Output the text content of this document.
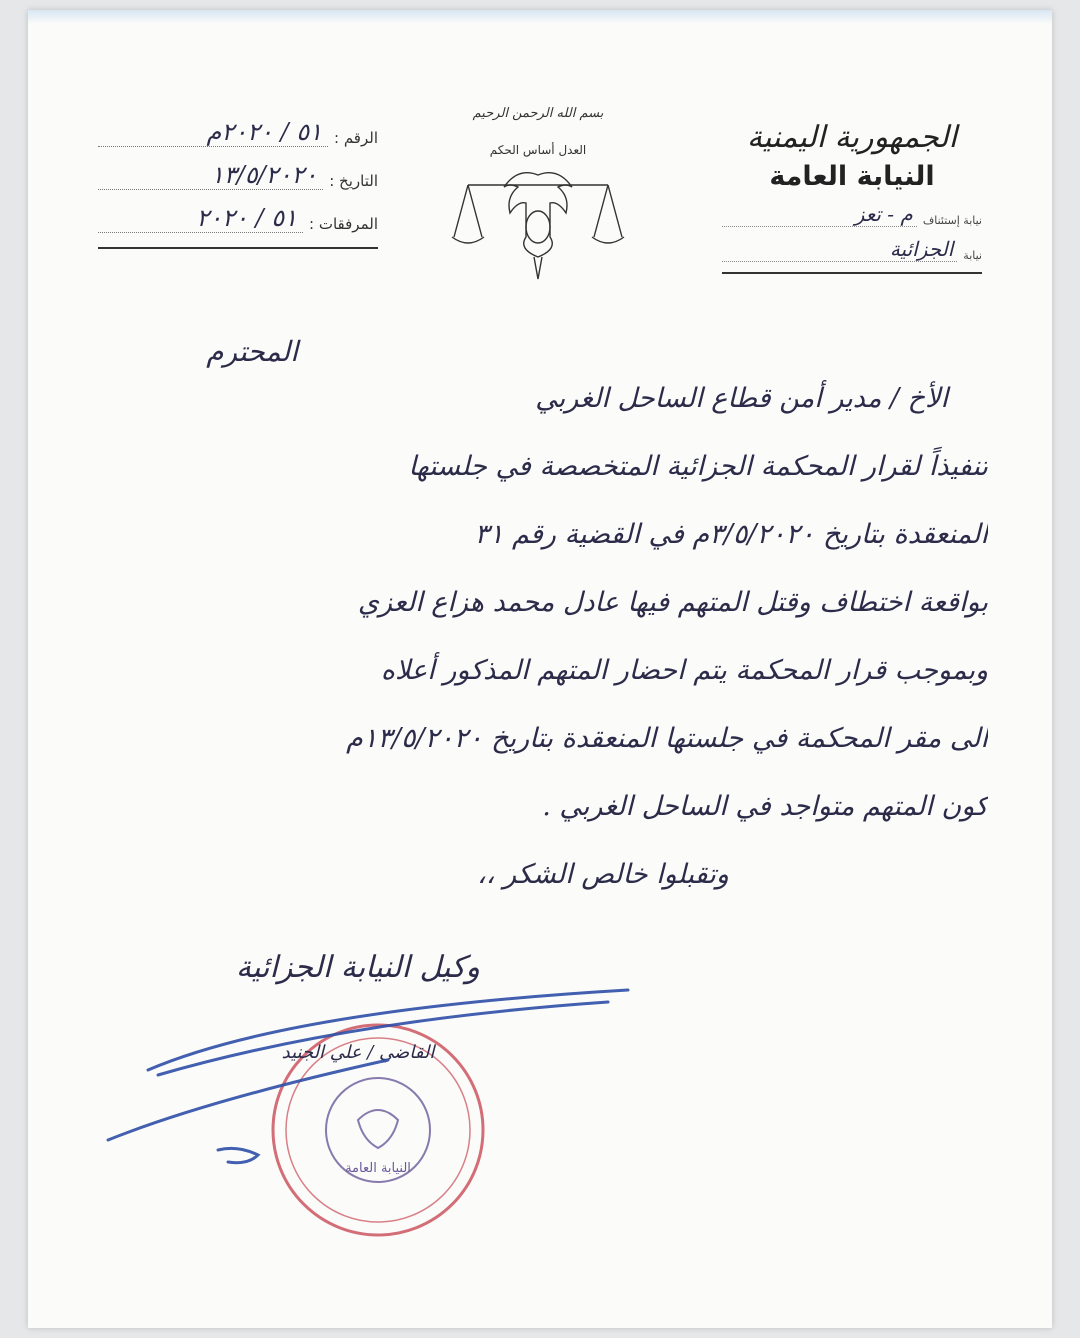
الجمهورية اليمنية
النيابة العامة
نيابة إستئناف
م - تعز
نيابة
الجزائية
بسم الله الرحمن الرحيم
العدل أساس الحكم
الرقم :
٥١ / ٢٠٢٠م
التاريخ :
١٣/٥/٢٠٢٠
المرفقات :
٥١ / ٢٠٢٠
المحترم

الأخ / مدير أمن قطاع الساحل الغربي

تنفيذاً لقرار المحكمة الجزائية المتخصصة في جلستها

المنعقدة بتاريخ ٣/٥/٢٠٢٠م في القضية رقم ٣١

بواقعة اختطاف وقتل المتهم فيها عادل محمد هزاع العزي

وبموجب قرار المحكمة يتم احضار المتهم المذكور أعلاه

الى مقر المحكمة في جلستها المنعقدة بتاريخ ١٣/٥/٢٠٢٠م

كون المتهم متواجد في الساحل الغربي .

وتقبلوا خالص الشكر ،،

وكيل النيابة الجزائية
النيابة العامة
القاضي / علي الجنيد
